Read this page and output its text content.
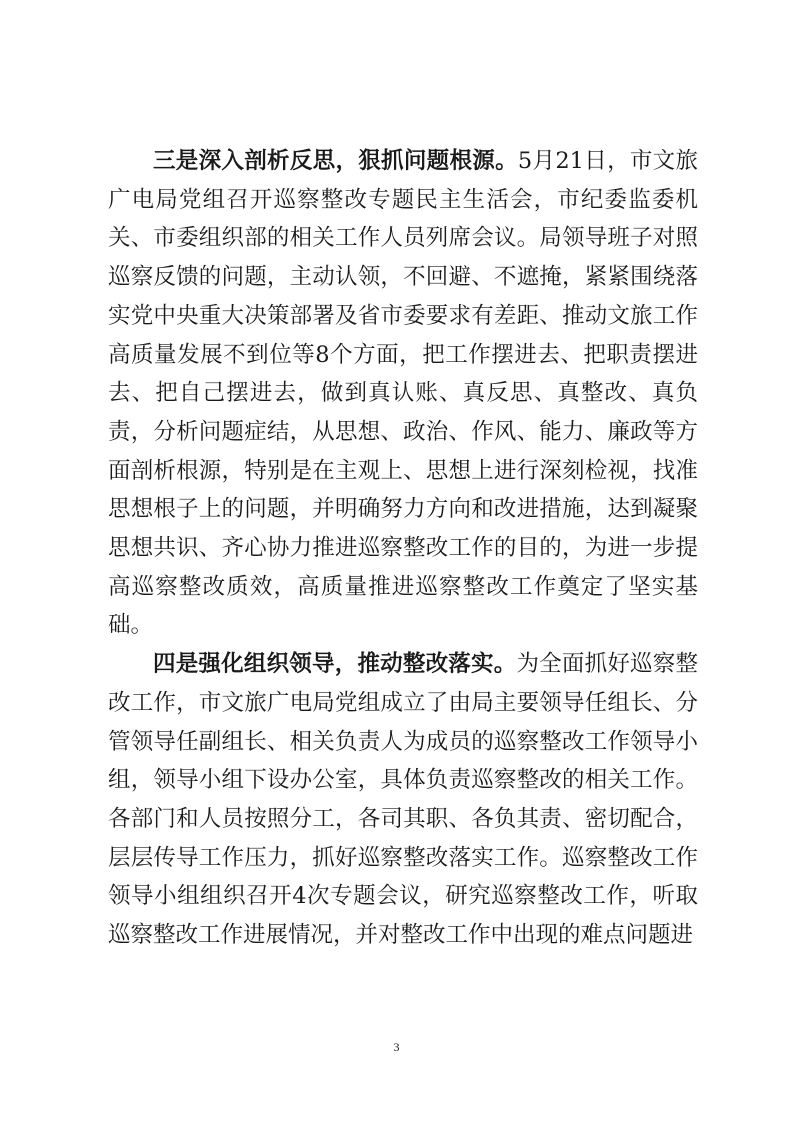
三是深入剖析反思，狠抓问题根源。5月21日，市文旅广电局党组召开巡察整改专题民主生活会，市纪委监委机关、市委组织部的相关工作人员列席会议。局领导班子对照巡察反馈的问题，主动认领，不回避、不遮掩，紧紧围绕落实党中央重大决策部署及省市委要求有差距、推动文旅工作高质量发展不到位等8个方面，把工作摆进去、把职责摆进去、把自己摆进去，做到真认账、真反思、真整改、真负责，分析问题症结，从思想、政治、作风、能力、廉政等方面剖析根源，特别是在主观上、思想上进行深刻检视，找准思想根子上的问题，并明确努力方向和改进措施，达到凝聚思想共识、齐心协力推进巡察整改工作的目的，为进一步提高巡察整改质效，高质量推进巡察整改工作奠定了坚实基础。

四是强化组织领导，推动整改落实。为全面抓好巡察整改工作，市文旅广电局党组成立了由局主要领导任组长、分管领导任副组长、相关负责人为成员的巡察整改工作领导小组，领导小组下设办公室，具体负责巡察整改的相关工作。各部门和人员按照分工，各司其职、各负其责、密切配合，层层传导工作压力，抓好巡察整改落实工作。巡察整改工作领导小组组织召开4次专题会议，研究巡察整改工作，听取巡察整改工作进展情况，并对整改工作中出现的难点问题进

3
